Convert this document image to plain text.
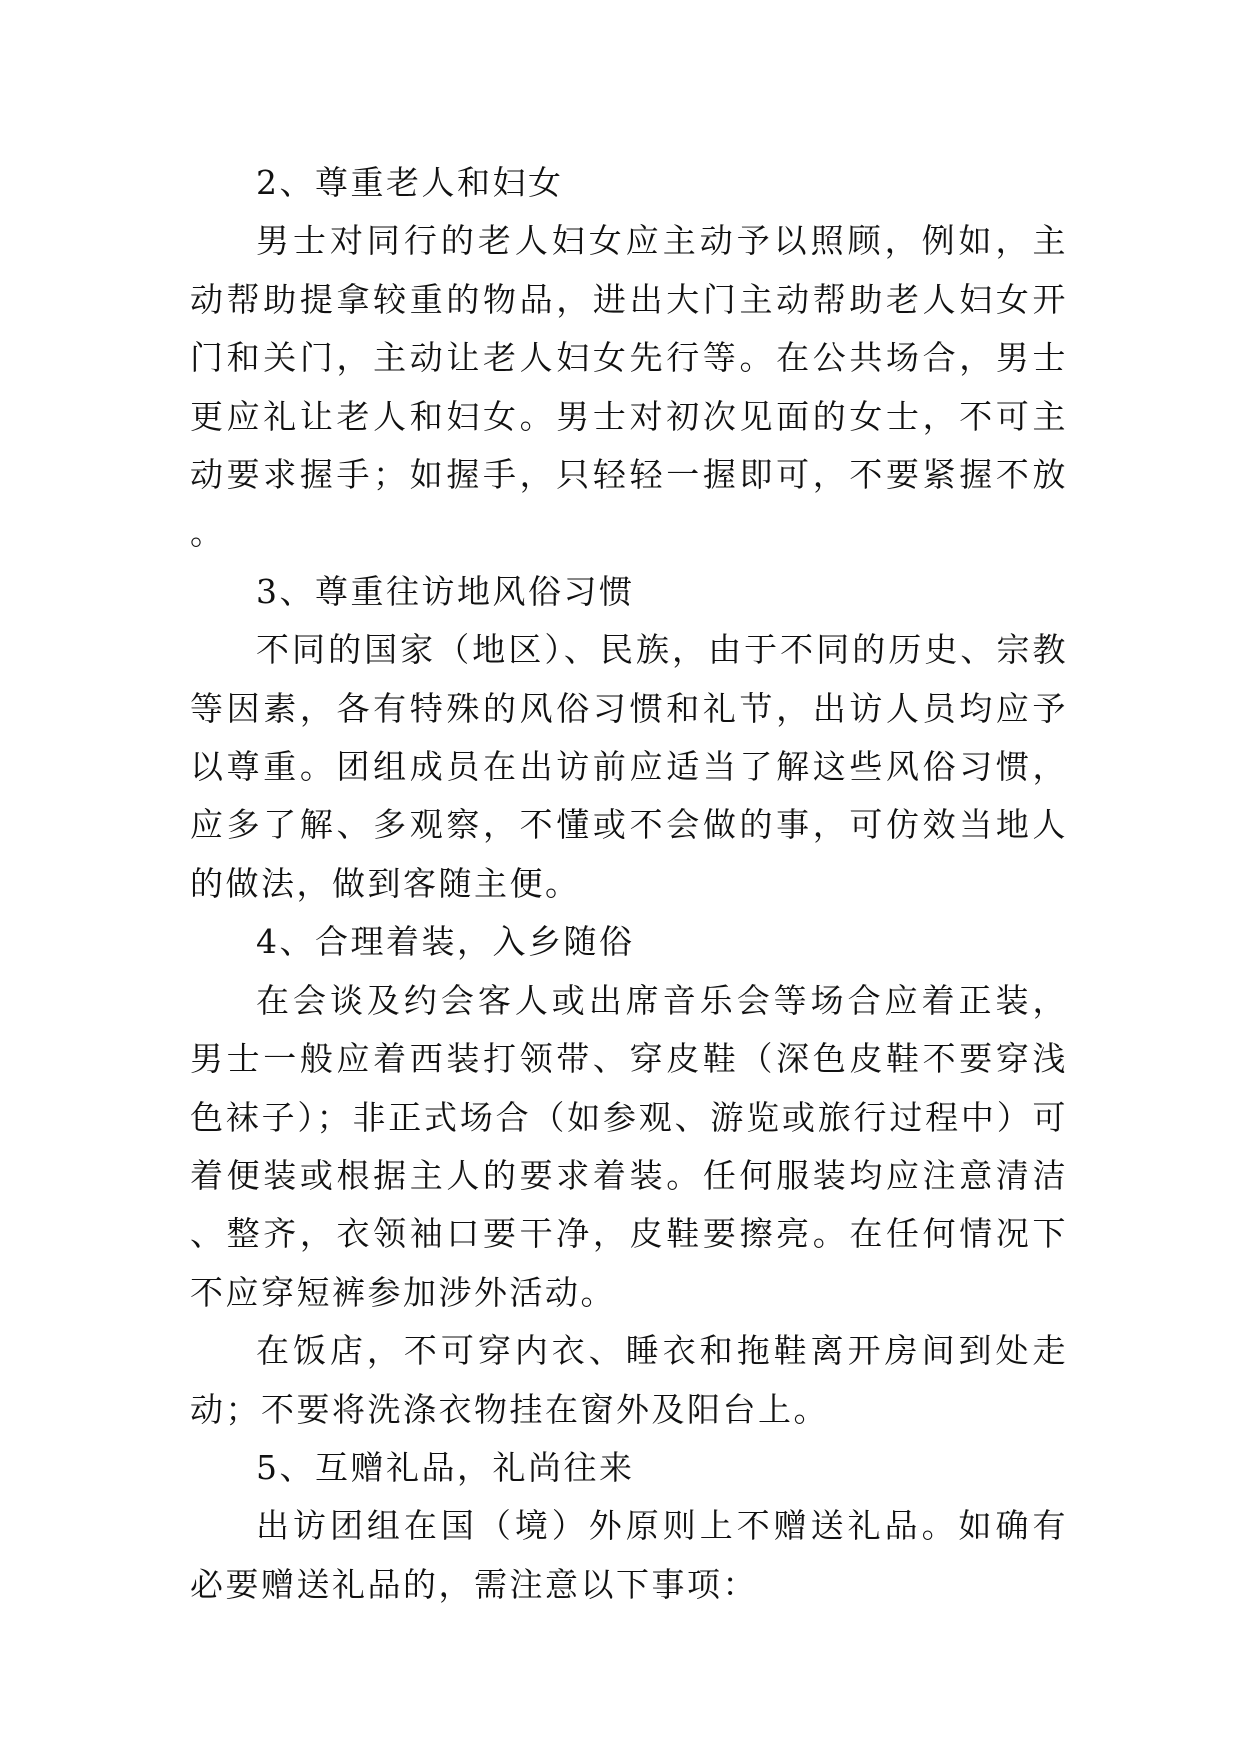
2、尊重老人和妇女

男士对同行的老人妇女应主动予以照顾，例如，主动帮助提拿较重的物品，进出大门主动帮助老人妇女开门和关门，主动让老人妇女先行等。在公共场合，男士更应礼让老人和妇女。男士对初次见面的女士，不可主动要求握手；如握手，只轻轻一握即可，不要紧握不放。

3、尊重往访地风俗习惯

不同的国家（地区）、民族，由于不同的历史、宗教等因素，各有特殊的风俗习惯和礼节，出访人员均应予以尊重。团组成员在出访前应适当了解这些风俗习惯，应多了解、多观察，不懂或不会做的事，可仿效当地人的做法，做到客随主便。

4、合理着装，入乡随俗

在会谈及约会客人或出席音乐会等场合应着正装，男士一般应着西装打领带、穿皮鞋（深色皮鞋不要穿浅色袜子）；非正式场合（如参观、游览或旅行过程中）可着便装或根据主人的要求着装。任何服装均应注意清洁、整齐，衣领袖口要干净，皮鞋要擦亮。在任何情况下不应穿短裤参加涉外活动。

在饭店，不可穿内衣、睡衣和拖鞋离开房间到处走动；不要将洗涤衣物挂在窗外及阳台上。

5、互赠礼品，礼尚往来

出访团组在国（境）外原则上不赠送礼品。如确有必要赠送礼品的，需注意以下事项：
